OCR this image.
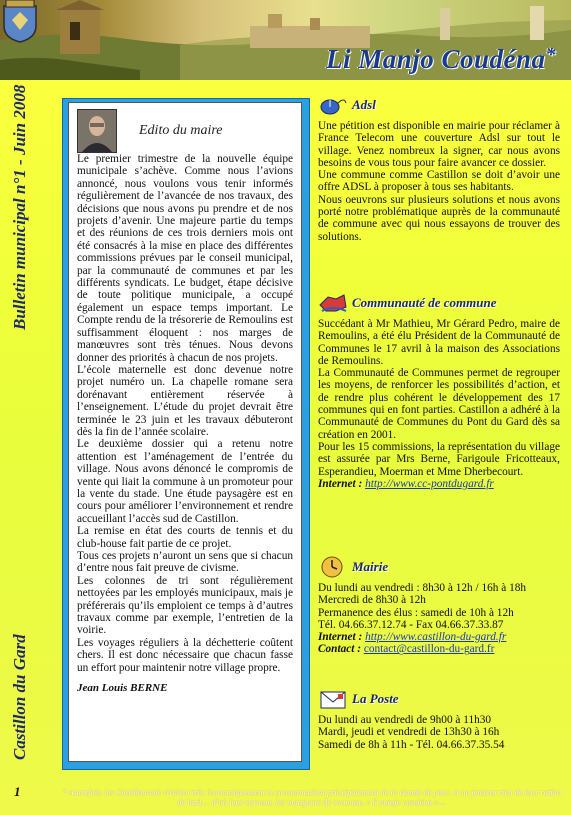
Li Manjo Coudéna*
Bulletin municipal n°1 - Juin 2008
Castillon du Gard
1
Edito du maire

Le premier trimestre de la nouvelle équipe municipale s’achève. Comme nous l’avions annoncé, nous voulons vous tenir informés régulièrement de l’avancée de nos travaux, des décisions que nous avons pu prendre et de nos projets d’avenir. Une majeure partie du temps et des réunions de ces trois derniers mois ont été consacrés à la mise en place des différentes commissions prévues par le conseil municipal, par la communauté de communes et par les différents syndicats. Le budget, étape décisive de toute politique municipale, a occupé également un espace temps important. Le Compte rendu de la trésorerie de Remoulins est suffisamment éloquent : nos marges de manœuvres sont très ténues. Nous devons donner des priorités à chacun de nos projets.

L’école maternelle est donc devenue notre projet numéro un. La chapelle romane sera dorénavant entièrement réservée à l’enseignement. L’étude du projet devrait être terminée le 23 juin et les travaux débuteront dès la fin de l’année scolaire.

Le deuxième dossier qui a retenu notre attention est l’aménagement de l’entrée du village. Nous avons dénoncé le compromis de vente qui liait la commune à un promoteur pour la vente du stade. Une étude paysagère est en cours pour améliorer l’environnement et rendre accueillant l’accès sud de Castillon.

La remise en état des courts de tennis et du club-house fait partie de ce projet.

Tous ces projets n’auront un sens que si chacun d’entre nous fait preuve de civisme.

Les colonnes de tri sont régulièrement nettoyées par les employés municipaux, mais je préférerais qu’ils emploient ce temps à d’autres travaux comme par exemple, l’entretien de la voirie.

Les voyages réguliers à la déchetterie coûtent chers. Il est donc nécessaire que chacun fasse un effort pour maintenir notre village propre.

Jean Louis BERNE

Adsl

Une pétition est disponible en mairie pour réclamer à France Telecom une couverture Adsl sur tout le village. Venez nombreux la signer, car nous avons besoins de vous tous pour faire avancer ce dossier.

Une commune comme Castillon se doit d’avoir une offre ADSL à proposer à tous ses habitants.

Nous oeuvrons sur plusieurs solutions et nous avons porté notre problématique auprès de la communauté de commune avec qui nous essayons de trouver des solutions.

Communauté de commune

Succédant à Mr Mathieu, Mr Gérard Pedro, maire de Remoulins, a été élu Président de la Communauté de Communes le 17 avril à la maison des Associations de Remoulins.

La Communauté de Communes permet de regrouper les moyens, de renforcer les possibilités d’action, et de rendre plus cohérent le développement des 17 communes qui en font parties. Castillon a adhéré à la Communauté de Communes du Pont du Gard dès sa création en 2001.

Pour les 15 commissions, la représentation du village est assurée par Mrs Berne, Farigoule Fricotteaux, Esperandieu, Moerman et Mme Dherbecourt.

Internet : http://www.cc-pontdugard.fr

Mairie

Du lundi au vendredi : 8h30 à 12h / 16h à 18h

Mercredi de 8h30 à 12h

Permanence des élus : samedi de 10h à 12h

Tél. 04.66.37.12.74 - Fax 04.66.37.33.87

Internet : http://www.castillon-du-gard.fr

Contact : contact@castillon-du-gard.fr

La Poste

Du lundi au vendredi de 9h00 à 11h30

Mardi, jeudi et vendredi de 13h30 à 16h

Samedi de 8h à 11h - Tél. 04.66.37.35.54

* Autrefois, les Castillonnais vivaient très économiquement et consommaient principalement de la viande de porc, et ne jetaient rien de leur ration de lard… d’où leur surnom, les mangeurs de couenne, « li manjo coudéna »…
